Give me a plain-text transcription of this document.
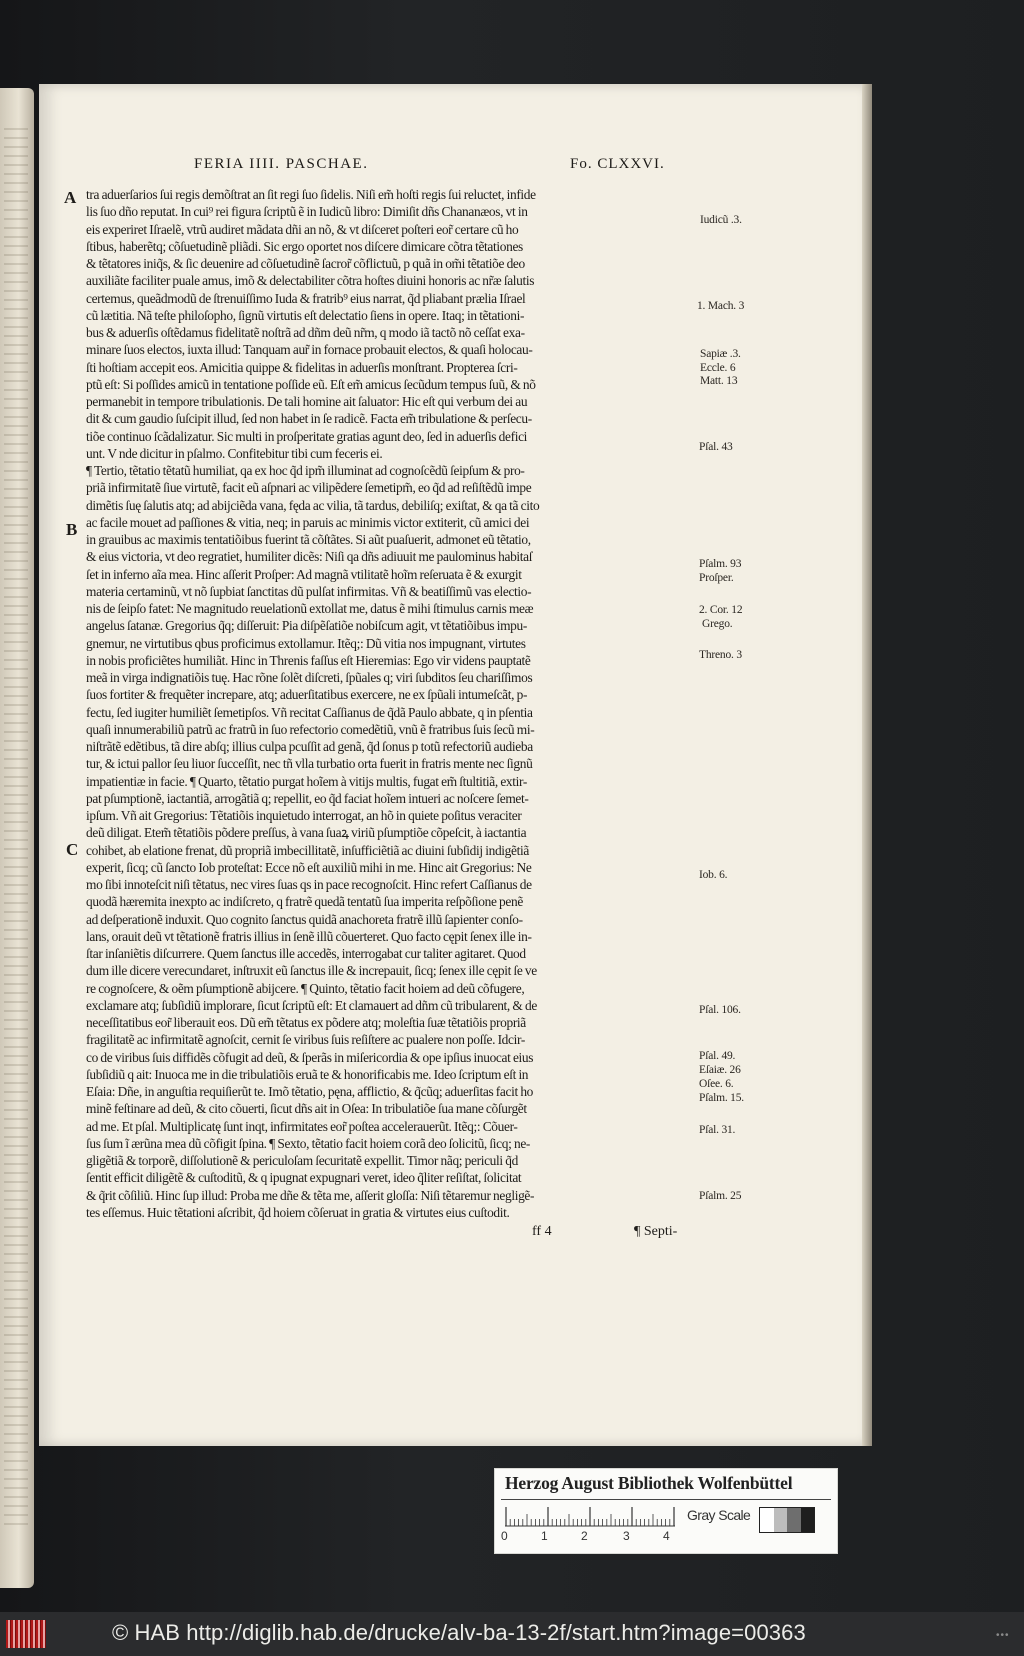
FERIA IIII. PASCHAE.	Fo. CLXXVI.
A
B
C
tra aduerſarios ſui regis demõſtrat an ſit regi ſuo ſidelis. Niſi em̃ hoſti regis ſui reluctet, infide
lis ſuo dño reputat. In cui⁹ rei figura ſcriptũ ẽ in Iudicũ libro: Dimiſit dñs Chananæos, vt in
eis experiret Iſraelẽ, vtrũ audiret mãdata dñi an nõ, & vt diſceret poſteri eor̃ certare cũ ho
ſtibus, haberẽtq; cõſuetudinẽ pliãdi. Sic ergo oportet nos diſcere dimicare cõtra tẽtationes
& tẽtatores iniq̃s, & ſic deuenire ad cõſuetudinẽ ſacror̃ cõflictuũ, p quã in om̃i tẽtatiõe deo
auxiliãte faciliter puale amus, imõ & delectabiliter cõtra hoſtes diuini honoris ac nr̃æ ſalutis
certemus, queãdmodũ de ſtrenuiſſimo Iuda & fratrib⁹ eius narrat, q̃d pliabant prælia Iſrael
cũ lætitia. Nã teſte philoſopho, ſignũ virtutis eſt delectatio ſiens in opere. Itaq; in tẽtationi-
bus & aduerſis oſtẽdamus fidelitatẽ noſtrã ad dñm deũ nr̃m, q modo iã tactõ nõ ceſſat exa-
minare ſuos electos, iuxta illud: Tanquam aur̃ in fornace probauit electos, & quaſi holocau-
ſti hoſtiam accepit eos. Amicitia quippe & fidelitas in aduerſis monſtrant. Propterea ſcri-
ptũ eſt: Si poſſides amicũ in tentatione poſſide eũ. Eſt em̃ amicus ſecũdum tempus ſuũ, & nõ
permanebit in tempore tribulationis. De tali homine ait ſaluator: Hic eſt qui verbum dei au
dit & cum gaudio ſuſcipit illud, ſed non habet in ſe radicẽ. Facta em̃ tribulatione & perſecu-
tiõe continuo ſcãdalizatur. Sic multi in proſperitate gratias agunt deo, ſed in aduerſis defici
unt. V nde dicitur in pſalmo. Confitebitur tibi cum feceris ei.
¶ Tertio, tẽtatio tẽtatũ humiliat, qa ex hoc q̃d ipm̃ illuminat ad cognoſcẽdũ ſeipſum & pro-
priã infirmitatẽ ſiue virtutẽ, facit eũ aſpnari ac vilipẽdere ſemetipm̃, eo q̃d ad reſiſtẽdũ impe
dimẽtis ſuę ſalutis atq; ad abijciẽda vana, fęda ac vilia, tã tardus, debiliſq; exiſtat, & qa tã cito
ac facile mouet ad paſſiones & vitia, neq; in paruis ac minimis victor extiterit, cũ amici dei
in grauibus ac maximis tentatiõibus fuerint tã cõſtãtes. Si aũt puaſuerit, admonet eũ tẽtatio,
& eius victoria, vt deo regratiet, humiliter dicẽs: Niſi qa dñs adiuuit me paulominus habitaſ
ſet in inferno aĩa mea. Hinc aſſerit Proſper: Ad magnã vtilitatẽ hoĩm reſeruata ẽ & exurgit
materia certaminũ, vt nõ ſupbiat ſanctitas dũ pulſat infirmitas. Vñ & beatiſſimũ vas electio-
nis de ſeipſo fatet: Ne magnitudo reuelationũ extollat me, datus ẽ mihi ſtimulus carnis meæ
angelus ſatanæ. Gregorius q̃q; diſſeruit: Pia diſpẽſatiõe nobiſcum agit, vt tẽtatiõibus impu-
gnemur, ne virtutibus qbus proficimus extollamur. Itẽq;: Dũ vitia nos impugnant, virtutes
in nobis proficiẽtes humiliãt. Hinc in Threnis faſſus eſt Hieremias: Ego vir videns pauptatẽ
meã in virga indignatiõis tuę. Hac rõne ſolẽt diſcreti, ſpũales q; viri ſubditos ſeu chariſſimos
ſuos fortiter & frequẽter increpare, atq; aduerſitatibus exercere, ne ex ſpũali intumeſcãt, p-
fectu, ſed iugiter humiliẽt ſemetipſos. Vñ recitat Caſſianus de q̃dã Paulo abbate, q in pſentia
quaſi innumerabiliũ patrũ ac fratrũ in ſuo refectorio comedẽtiũ, vnũ ẽ fratribus ſuis ſecũ mi-
niſtrãtẽ edẽtibus, tã dire abſq; illius culpa pcuſſit ad genã, q̃d ſonus p totũ refectoriũ audieba
tur, & ictui pallor ſeu liuor ſucceſſit, nec tñ vlla turbatio orta fuerit in fratris mente nec ſignũ
impatientiæ in facie. ¶ Quarto, tẽtatio purgat hoĩem à vitijs multis, fugat em̃ ſtultitiã, extir-
pat pſumptionẽ, iactantiã, arrogãtiã q; repellit, eo q̃d faciat hoĩem intueri ac noſcere ſemet-
ipſum. Vñ ait Gregorius: Tẽtatiõis inquietudo interrogat, an hõ in quiete poſitus veraciter
deũ diligat. Etem̃ tẽtatiõis põdere preſſus, à vana ſuaꝝ viriũ pſumptiõe cõpeſcit, à iactantia
cohibet, ab elatione frenat, dũ propriã imbecillitatẽ, inſufficiẽtiã ac diuini ſubſidij indigẽtiã
experit, ſicq; cũ ſancto Iob proteſtat: Ecce nõ eſt auxiliũ mihi in me. Hinc ait Gregorius: Ne
mo ſibi innoteſcit niſi tẽtatus, nec vires ſuas qs in pace recognoſcit. Hinc refert Caſſianus de
quodã hæremita inexpto ac indiſcreto, q fratrẽ quedã tentatũ ſua imperita reſpõſione penẽ
ad deſperationẽ induxit. Quo cognito ſanctus quidã anachoreta fratrẽ illũ ſapienter conſo-
lans, orauit deũ vt tẽtationẽ fratris illius in ſenẽ illũ cõuerteret. Quo facto cępit ſenex ille in-
ſtar inſaniẽtis diſcurrere. Quem ſanctus ille accedẽs, interrogabat cur taliter agitaret. Quod
dum ille dicere verecundaret, inſtruxit eũ ſanctus ille & increpauit, ſicq; ſenex ille cępit ſe ve
re cognoſcere, & oẽm pſumptionẽ abijcere. ¶ Quinto, tẽtatio facit hoiem ad deũ cõfugere,
exclamare atq; ſubſidiũ implorare, ſicut ſcriptũ eſt: Et clamauert ad dñm cũ tribularent, & de
neceſſitatibus eor̃ liberauit eos. Dũ em̃ tẽtatus ex põdere atq; moleſtia ſuæ tẽtatiõis propriã
fragilitatẽ ac infirmitatẽ agnoſcit, cernit ſe viribus ſuis reſiſtere ac pualere non poſſe. Idcir-
co de viribus ſuis diffidẽs cõfugit ad deũ, & ſperãs in miſericordia & ope ipſius inuocat eius
ſubſidiũ q ait: Inuoca me in die tribulatiõis eruã te & honorificabis me. Ideo ſcriptum eſt in
Eſaia: Dñe, in anguſtia requiſierũt te. Imõ tẽtatio, pęna, afflictio, & q̃cũq; aduerſitas facit ho
minẽ feſtinare ad deũ, & cito cõuerti, ſicut dñs ait in Oſea: In tribulatiõe ſua mane cõſurgẽt
ad me. Et pſal. Multiplicatę ſunt inqt, infirmitates eor̃ poſtea accelerauerũt. Itẽq;: Cõuer-
ſus ſum ĩ ærũna mea dũ cõfigit ſpina. ¶ Sexto, tẽtatio facit hoiem corã deo ſolicitũ, ſicq; ne-
gligẽtiã & torporẽ, diſſolutionẽ & periculoſam ſecuritatẽ expellit. Timor nãq; periculi q̃d
ſentit efficit diligẽtẽ & cuſtoditũ, & q ipugnat expugnari veret, ideo q̃liter reſiſtat, ſolicitat
& q̃rit cõſiliũ. Hinc ſup illud: Proba me dñe & tẽta me, aſſerit gloſſa: Niſi tẽtaremur negligẽ-
tes eſſemus. Huic tẽtationi aſcribit, q̃d hoiem cõſeruat in gratia & virtutes eius cuſtodit.
Iudicũ .3.
1. Mach. 3
Sapiæ .3.
Eccle. 6
Matt. 13
Pſal. 43
Pſalm. 93
Proſper.
2. Cor. 12
Grego.
Threno. 3
Iob. 6.
Pſal. 106.
Pſal. 49.
Eſaiæ. 26
Oſee. 6.
Pſalm. 15.
Pſal. 31.
Pſalm. 25
ff 4	¶ Septi-
Herzog August Bibliothek Wolfenbüttel
0	1	2	3	4
Gray Scale
© HAB http://diglib.hab.de/drucke/alv-ba-13-2f/start.htm?image=00363	•••
